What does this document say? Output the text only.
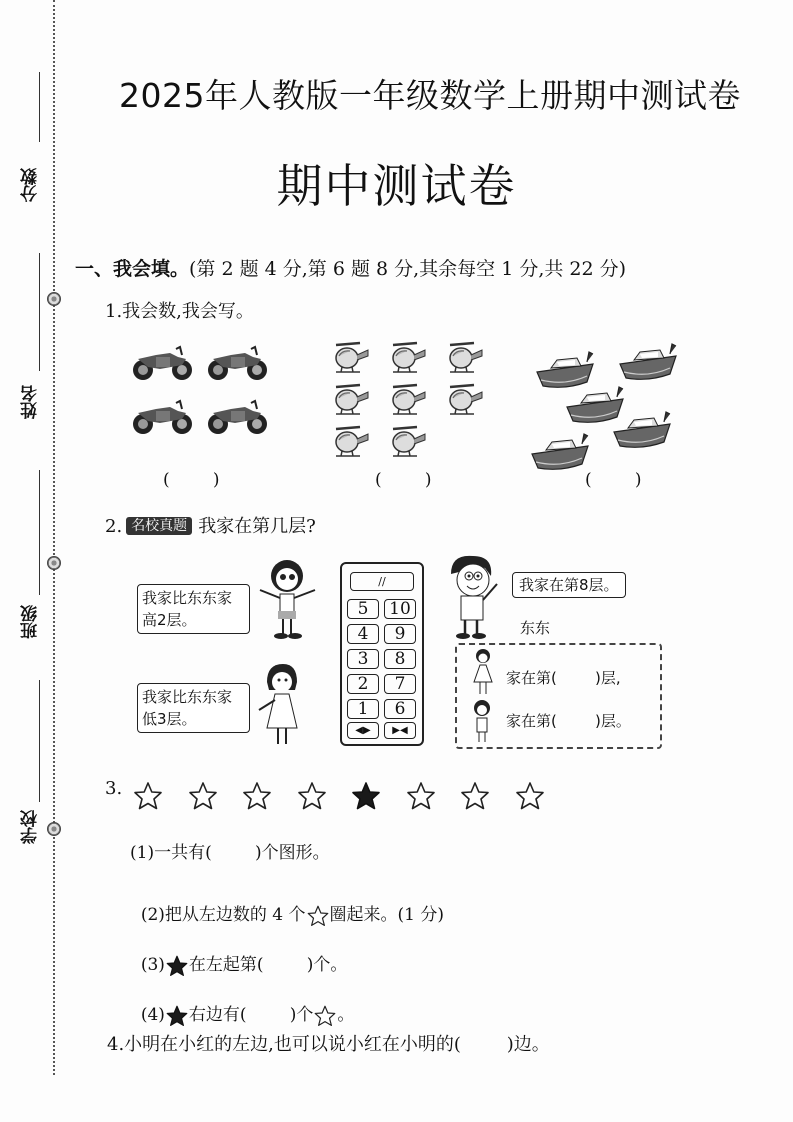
分数
姓名
班级
学校
2025年人教版一年级数学上册期中测试卷
期中测试卷
一、我会填。(第 2 题 4 分,第 6 题 8 分,其余每空 1 分,共 22 分)
1.我会数,我会写。

(        )	(        )	(        )
2. 名校真题 我家在第几层?
我家比东东家高2层。
我家比东东家低3层。
//
5	10
4	9
3	8
2	7
1	6
◀▶	▶◀
我家在第8层。
东东
家在第(        )层,
家在第(        )层。
3.
(1)一共有(        )个图形。

(2)把从左边数的 4 个 圈起来。(1 分)

(3) 在左起第(        )个。

(4) 右边有(        )个 。

4.小明在小红的左边,也可以说小红在小明的(        )边。
